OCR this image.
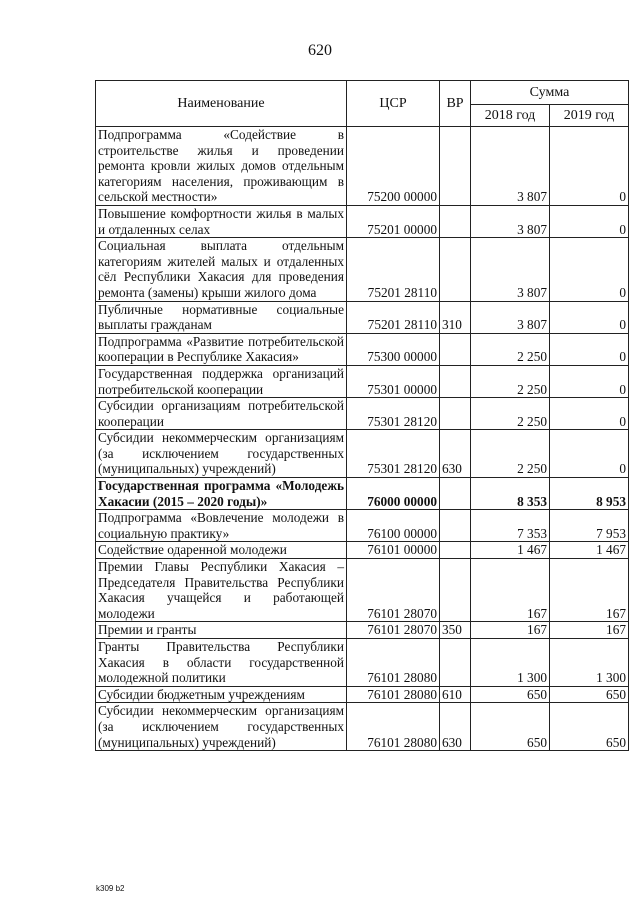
620
Наименование	ЦСР	ВР	Сумма	
			2018 год	2019 год
Подпрограмма «Содействие в строительстве жилья и проведении ремонта кровли жилых домов отдельным категориям населения, проживающим в сельской местности»	75200 00000		3 807	0
Повышение комфортности жилья в малых и отдаленных селах	75201 00000		3 807	0
Социальная выплата отдельным категориям жителей малых и отдаленных сёл Республики Хакасия для проведения ремонта (замены) крыши жилого дома	75201 28110		3 807	0
Публичные нормативные социальные выплаты гражданам	75201 28110	310	3 807	0
Подпрограмма «Развитие потребительской кооперации в Республике Хакасия»	75300 00000		2 250	0
Государственная поддержка организаций потребительской кооперации	75301 00000		2 250	0
Субсидии организациям потребительской кооперации	75301 28120		2 250	0
Субсидии некоммерческим организациям (за исключением государственных (муниципальных) учреждений)	75301 28120	630	2 250	0
Государственная программа «Молодежь Хакасии (2015 – 2020 годы)»	76000 00000		8 353	8 953
Подпрограмма «Вовлечение молодежи в социальную практику»	76100 00000		7 353	7 953
Содействие одаренной молодежи	76101 00000		1 467	1 467
Премии Главы Республики Хакасия – Председателя Правительства Республики Хакасия учащейся и работающей молодежи	76101 28070		167	167
Премии и гранты	76101 28070	350	167	167
Гранты Правительства Республики Хакасия в области государственной молодежной политики	76101 28080		1 300	1 300
Субсидии бюджетным учреждениям	76101 28080	610	650	650
Субсидии некоммерческим организациям (за исключением государственных (муниципальных) учреждений)	76101 28080	630	650	650
k309 b2
